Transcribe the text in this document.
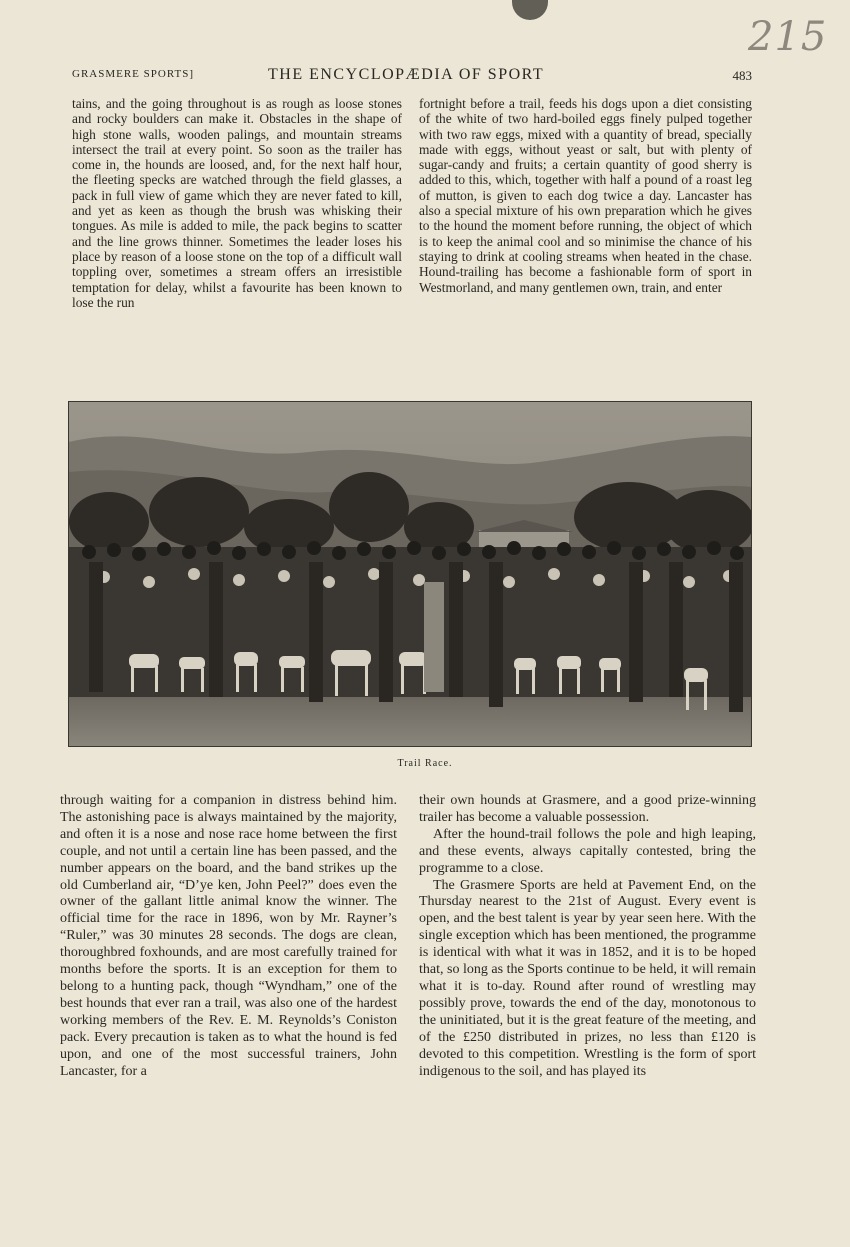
215
GRASMERE SPORTS]	THE ENCYCLOPÆDIA OF SPORT	483

tains, and the going throughout is as rough as loose stones and rocky boulders can make it. Obstacles in the shape of high stone walls, wooden palings, and mountain streams intersect the trail at every point. So soon as the trailer has come in, the hounds are loosed, and, for the next half hour, the fleeting specks are watched through the field glasses, a pack in full view of game which they are never fated to kill, and yet as keen as though the brush was whisking their tongues. As mile is added to mile, the pack begins to scatter and the line grows thinner. Sometimes the leader loses his place by reason of a loose stone on the top of a difficult wall toppling over, sometimes a stream offers an irresistible temptation for delay, whilst a favourite has been known to lose the run

fortnight before a trail, feeds his dogs upon a diet consisting of the white of two hard-boiled eggs finely pulped together with two raw eggs, mixed with a quantity of bread, specially made with eggs, without yeast or salt, but with plenty of sugar-candy and fruits; a certain quantity of good sherry is added to this, which, together with half a pound of a roast leg of mutton, is given to each dog twice a day. Lancaster has also a special mixture of his own preparation which he gives to the hound the moment before running, the object of which is to keep the animal cool and so minimise the chance of his staying to drink at cooling streams when heated in the chase. Hound-trailing has become a fashionable form of sport in Westmorland, and many gentlemen own, train, and enter

Trail Race.

through waiting for a companion in distress behind him. The astonishing pace is always maintained by the majority, and often it is a nose and nose race home between the first couple, and not until a certain line has been passed, and the number appears on the board, and the band strikes up the old Cumberland air, “D’ye ken, John Peel?” does even the owner of the gallant little animal know the winner. The official time for the race in 1896, won by Mr. Rayner’s “Ruler,” was 30 minutes 28 seconds. The dogs are clean, thoroughbred foxhounds, and are most carefully trained for months before the sports. It is an exception for them to belong to a hunting pack, though “Wyndham,” one of the best hounds that ever ran a trail, was also one of the hardest working members of the Rev. E. M. Reynolds’s Coniston pack. Every precaution is taken as to what the hound is fed upon, and one of the most successful trainers, John Lancaster, for a

their own hounds at Grasmere, and a good prize-winning trailer has become a valuable possession.

After the hound-trail follows the pole and high leaping, and these events, always capitally contested, bring the programme to a close.

The Grasmere Sports are held at Pavement End, on the Thursday nearest to the 21st of August. Every event is open, and the best talent is year by year seen here. With the single exception which has been mentioned, the programme is identical with what it was in 1852, and it is to be hoped that, so long as the Sports continue to be held, it will remain what it is to-day. Round after round of wrestling may possibly prove, towards the end of the day, monotonous to the uninitiated, but it is the great feature of the meeting, and of the £250 distributed in prizes, no less than £120 is devoted to this competition. Wrestling is the form of sport indigenous to the soil, and has played its
